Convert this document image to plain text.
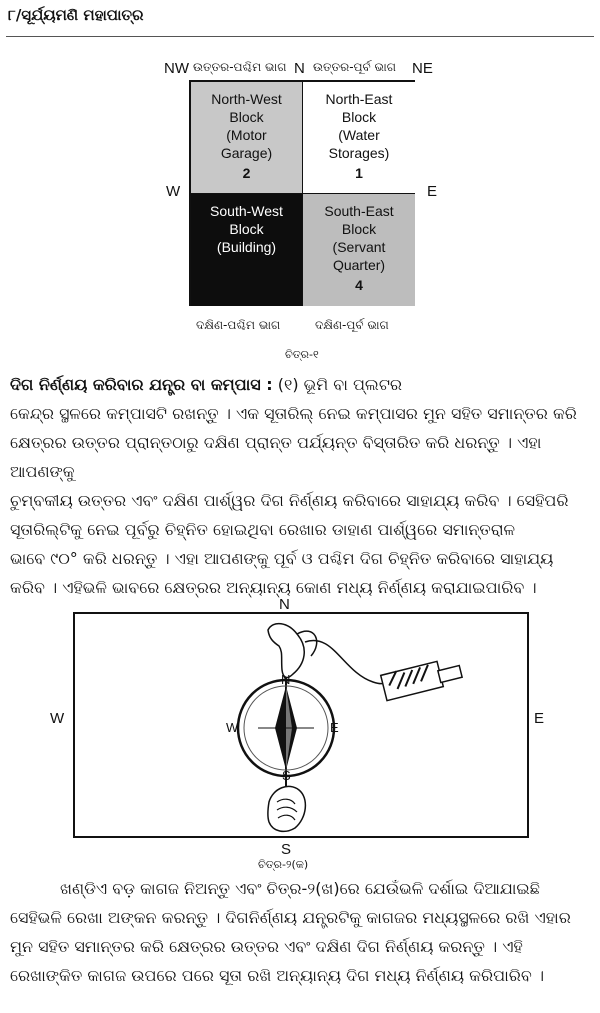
୮/ସୂର୍ଯ୍ୟମଣି ମହାପାତ୍ର
NW ଉତ୍ତର-ପଶ୍ଚିମ ଭାଗ N ଉତ୍ତର-ପୂର୍ବ ଭାଗ NE
W	E
North-West
Block
(Motor
Garage)
2
North-East
Block
(Water
Storages)
1
South-West
Block
(Building)
South-East
Block
(Servant
Quarter)
4
ଦକ୍ଷିଣ-ପଶ୍ଚିମ ଭାଗ	ଦକ୍ଷିଣ-ପୂର୍ବ ଭାଗ
ଚିତ୍ର-୧
ଦିଗ ନିର୍ଣ୍ଣୟ କରିବାର ଯନ୍ତ୍ର ବା କମ୍ପାସ : (୧) ଭୂମି ବା ପ୍ଲଟର
କେନ୍ଦ୍ର ସ୍ଥଳରେ କମ୍ପାସଟି ରଖନ୍ତୁ । ଏକ ସୂତାରିଲ୍ ନେଇ କମ୍ପାସର ମୁନ ସହିତ ସମାନ୍ତର କରି
କ୍ଷେତ୍ରର ଉତ୍ତର ପ୍ରାନ୍ତଠାରୁ ଦକ୍ଷିଣ ପ୍ରାନ୍ତ ପର୍ଯ୍ୟନ୍ତ ବିସ୍ତାରିତ କରି ଧରନ୍ତୁ । ଏହା ଆପଣଙ୍କୁ
ଚୁମ୍ବକୀୟ ଉତ୍ତର ଏବଂ ଦକ୍ଷିଣ ପାର୍ଶ୍ୱର ଦିଗ ନିର୍ଣ୍ଣୟ କରିବାରେ ସାହାଯ୍ୟ କରିବ । ସେହିପରି
ସୂତାରିଲ୍‌ଟିକୁ ନେଇ ପୂର୍ବରୁ ଚିହ୍ନିତ ହୋଇଥିବା ରେଖାର ଡାହାଣ ପାର୍ଶ୍ୱରେ ସମାନ୍ତରାଳ
ଭାବେ ୯୦° କରି ଧରନ୍ତୁ । ଏହା ଆପଣଙ୍କୁ ପୂର୍ବ ଓ ପଶ୍ଚିମ ଦିଗ ଚିହ୍ନିତ କରିବାରେ ସାହାଯ୍ୟ
କରିବ । ଏହିଭଳି ଭାବରେ କ୍ଷେତ୍ରର ଅନ୍ୟାନ୍ୟ କୋଣ ମଧ୍ୟ ନିର୍ଣ୍ଣୟ କରାଯାଇପାରିବ ।
N
W	E
N
S
W	E
S
ଚିତ୍ର-୨(କ)
ଖଣ୍ଡିଏ ବଡ଼ କାଗଜ ନିଅନ୍ତୁ ଏବଂ ଚିତ୍ର-୨(ଖ)ରେ ଯେଉଁଭଳି ଦର୍ଶାଇ ଦିଆଯାଇଛି
ସେହିଭଳି ରେଖା ଅଙ୍କନ କରନ୍ତୁ । ଦିଗନିର୍ଣ୍ଣୟ ଯନ୍ତ୍ରଟିକୁ କାଗଜର ମଧ୍ୟସ୍ଥଳରେ ରଖି ଏହାର
ମୁନ ସହିତ ସମାନ୍ତର କରି କ୍ଷେତ୍ରର ଉତ୍ତର ଏବଂ ଦକ୍ଷିଣ ଦିଗ ନିର୍ଣ୍ଣୟ କରନ୍ତୁ । ଏହି
ରେଖାଙ୍କିତ କାଗଜ ଉପରେ ପରେ ସୂତା ରଖି ଅନ୍ୟାନ୍ୟ ଦିଗ ମଧ୍ୟ ନିର୍ଣ୍ଣୟ କରିପାରିବ ।
